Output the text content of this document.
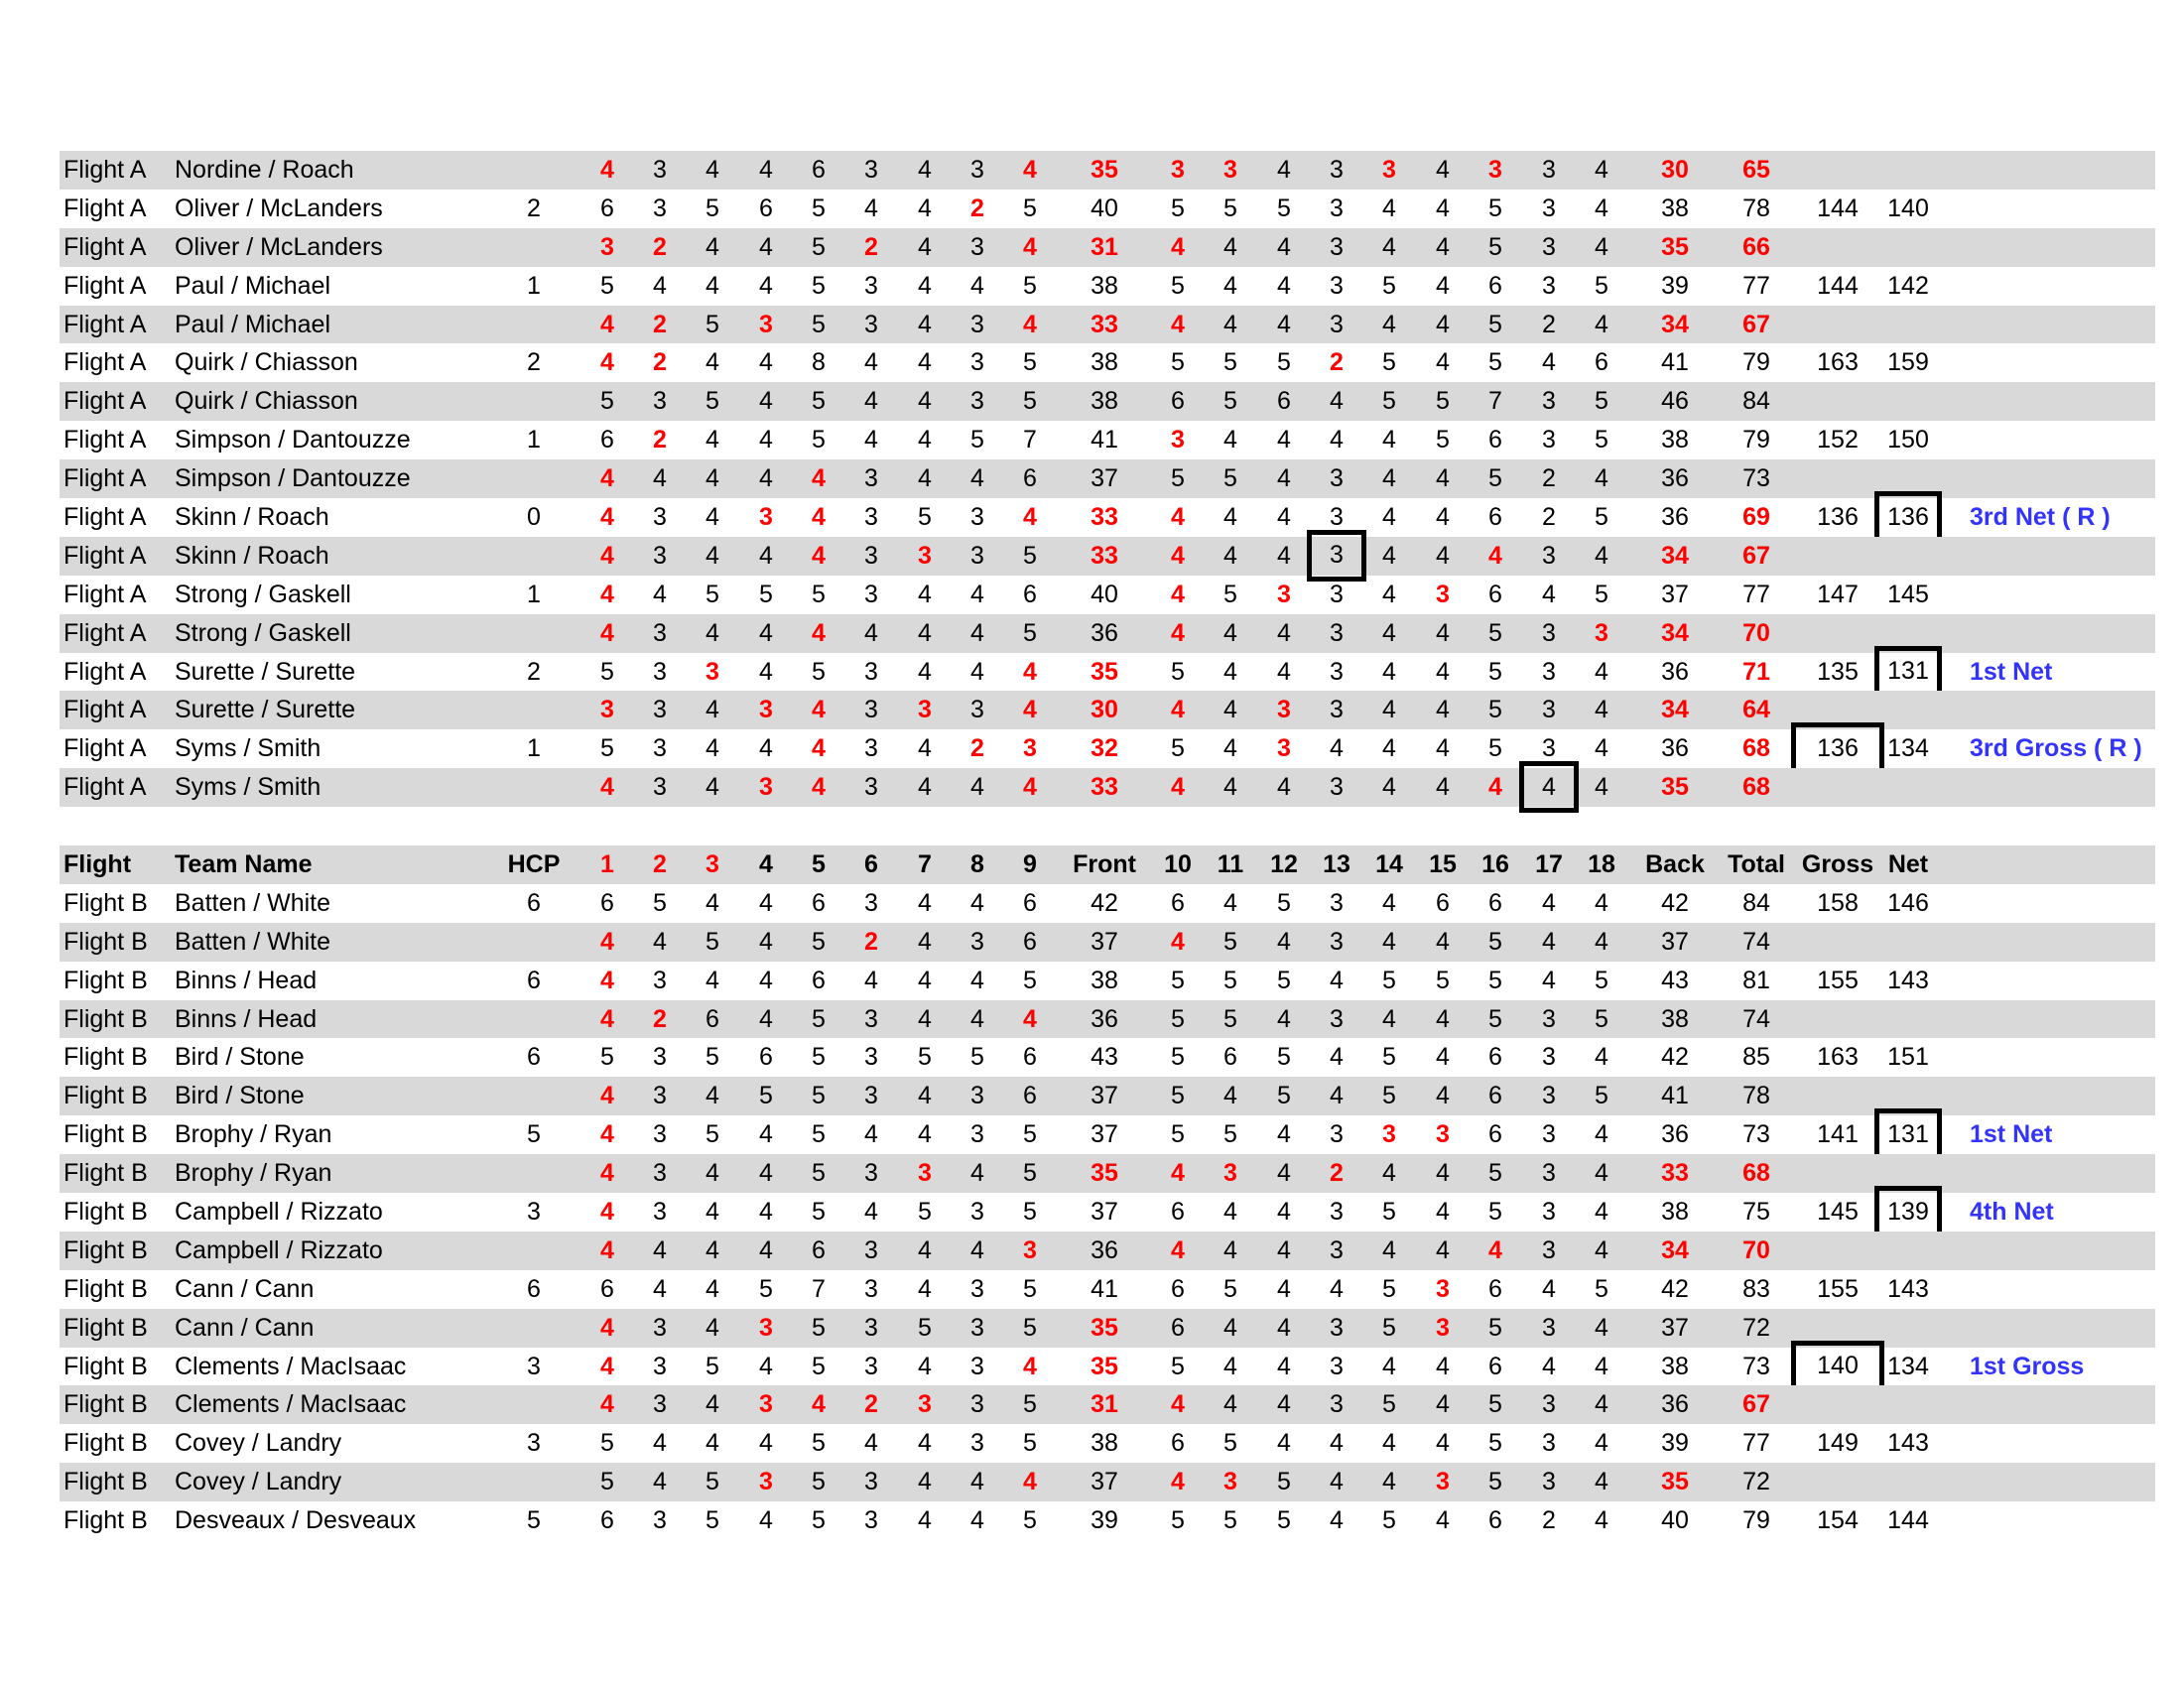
Flight A Nordine / Roach	4 3 4 4 6 3 4 3 4 35 3 3 4 3 3 4 3 3 4 30 65
Flight A Oliver / McLanders	2 6 3 5 6 5 4 4 2 5 40 5 5 5 3 4 4 5 3 4 38 78 144 140
Flight A Oliver / McLanders	3 2 4 4 5 2 4 3 4 31 4 4 4 3 4 4 5 3 4 35 66
Flight A Paul / Michael	1 5 4 4 4 5 3 4 4 5 38 5 4 4 3 5 4 6 3 5 39 77 144 142
Flight A Paul / Michael	4 2 5 3 5 3 4 3 4 33 4 4 4 3 4 4 5 2 4 34 67
Flight A Quirk / Chiasson	2 4 2 4 4 8 4 4 3 5 38 5 5 5 2 5 4 5 4 6 41 79 163 159
Flight A Quirk / Chiasson	5 3 5 4 5 4 4 3 5 38 6 5 6 4 5 5 7 3 5 46 84
Flight A Simpson / Dantouzze	1 6 2 4 4 5 4 4 5 7 41 3 4 4 4 4 5 6 3 5 38 79 152 150
Flight A Simpson / Dantouzze	4 4 4 4 4 3 4 4 6 37 5 5 4 3 4 4 5 2 4 36 73
Flight A Skinn / Roach	0 4 3 4 3 4 3 5 3 4 33 4 4 4 3 4 4 6 2 5 36 69 136	136	3rd Net ( R )
Flight A Skinn / Roach	4 3 4 4 4 3 3 3 5 33 4 4 4	3	4 4 4 3 4 34 67
Flight A Strong / Gaskell	1 4 4 5 5 5 3 4 4 6 40 4 5 3 3 4 3 6 4 5 37 77 147 145
Flight A Strong / Gaskell	4 3 4 4 4 4 4 4 5 36 4 4 4 3 4 4 5 3 3 34 70
Flight A Surette / Surette	2 5 3 3 4 5 3 4 4 4 35 5 4 4 3 4 4 5 3 4 36 71 135	131	1st Net
Flight A Surette / Surette	3 3 4 3 4 3 3 3 4 30 4 4 3 3 4 4 5 3 4 34 64
Flight A Syms / Smith	1 5 3 4 4 4 3 4 2 3 32 5 4 3 4 4 4 5 3 4 36 68	136	134 3rd Gross ( R )
Flight A Syms / Smith	4 3 4 3 4 3 4 4 4 33 4 4 4 3 4 4 4	4	4 35 68
Flight Team Name	HCP 1 2 3 4 5 6 7 8 9 Front 10 11 12 13 14 15 16 17 18 Back Total Gross Net
Flight B Batten / White	6 6 5 4 4 6 3 4 4 6 42 6 4 5 3 4 6 6 4 4 42 84 158 146
Flight B Batten / White	4 4 5 4 5 2 4 3 6 37 4 5 4 3 4 4 5 4 4 37 74
Flight B Binns / Head	6 4 3 4 4 6 4 4 4 5 38 5 5 5 4 5 5 5 4 5 43 81 155 143
Flight B Binns / Head	4 2 6 4 5 3 4 4 4 36 5 5 4 3 4 4 5 3 5 38 74
Flight B Bird / Stone	6 5 3 5 6 5 3 5 5 6 43 5 6 5 4 5 4 6 3 4 42 85 163 151
Flight B Bird / Stone	4 3 4 5 5 3 4 3 6 37 5 4 5 4 5 4 6 3 5 41 78
Flight B Brophy / Ryan	5 4 3 5 4 5 4 4 3 5 37 5 5 4 3 3 3 6 3 4 36 73 141	131	1st Net
Flight B Brophy / Ryan	4 3 4 4 5 3 3 4 5 35 4 3 4 2 4 4 5 3 4 33 68
Flight B Campbell / Rizzato	3 4 3 4 4 5 4 5 3 5 37 6 4 4 3 5 4 5 3 4 38 75 145	139	4th Net
Flight B Campbell / Rizzato	4 4 4 4 6 3 4 4 3 36 4 4 4 3 4 4 4 3 4 34 70
Flight B Cann / Cann	6 6 4 4 5 7 3 4 3 5 41 6 5 4 4 5 3 6 4 5 42 83 155 143
Flight B Cann / Cann	4 3 4 3 5 3 5 3 5 35 6 4 4 3 5 3 5 3 4 37 72
Flight B Clements / MacIsaac	3 4 3 5 4 5 3 4 3 4 35 5 4 4 3 4 4 6 4 4 38 73	140	134 1st Gross
Flight B Clements / MacIsaac	4 3 4 3 4 2 3 3 5 31 4 4 4 3 5 4 5 3 4 36 67
Flight B Covey / Landry	3 5 4 4 4 5 4 4 3 5 38 6 5 4 4 4 4 5 3 4 39 77 149 143
Flight B Covey / Landry	5 4 5 3 5 3 4 4 4 37 4 3 5 4 4 3 5 3 4 35 72
Flight B Desveaux / Desveaux	5 6 3 5 4 5 3 4 4 5 39 5 5 5 4 5 4 6 2 4 40 79 154 144
